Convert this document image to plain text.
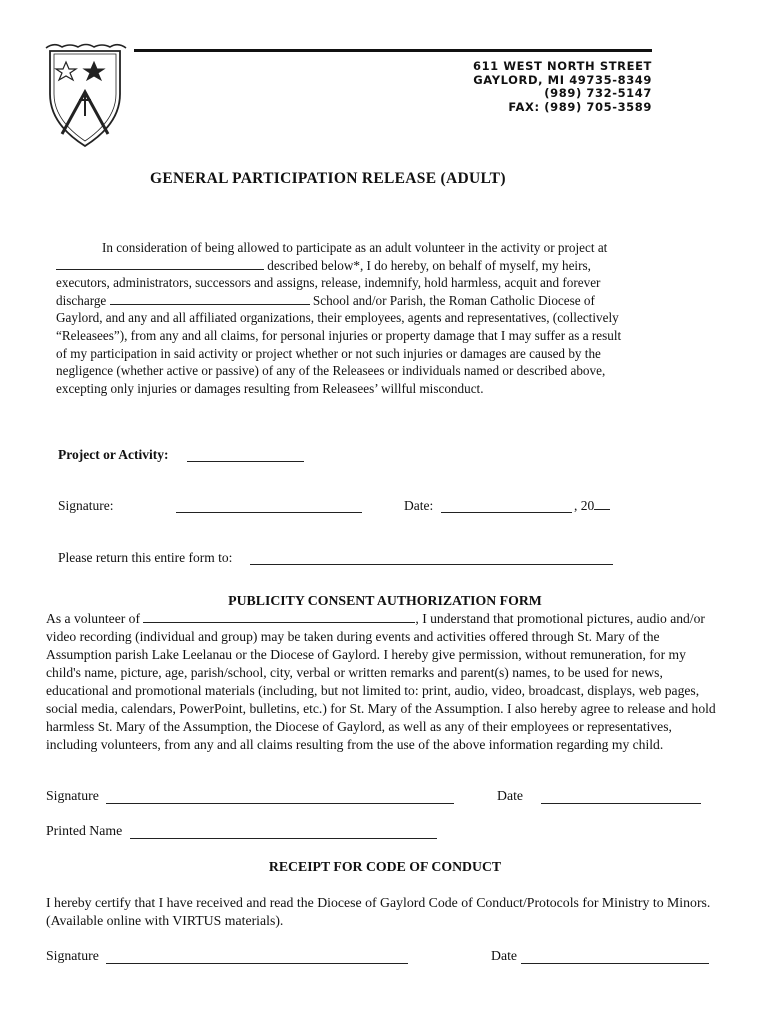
611 WEST NORTH STREET
GAYLORD, MI 49735-8349
(989) 732-5147
FAX: (989) 705-3589
GENERAL PARTICIPATION RELEASE (ADULT)

In consideration of being allowed to participate as an adult volunteer in the activity or project at  described below*, I do hereby, on behalf of myself, my heirs, executors, administrators, successors and assigns, release, indemnify, hold harmless, acquit and forever discharge	School and/or Parish, the Roman Catholic Diocese of Gaylord, and any and all affiliated organizations, their employees, agents and representatives, (collectively “Releasees”), from any and all claims, for personal injuries or property damage that I may suffer as a result of my participation in said activity or project whether or not such injuries or damages are caused by the negligence (whether active or passive) of any of the Releasees or individuals named or described above, excepting only injuries or damages resulting from Releasees’ willful misconduct.

Project or Activity:
Signature:	Date:	, 20
Please return this entire form to:
PUBLICITY CONSENT AUTHORIZATION FORM

As a volunteer of	, I understand that promotional pictures, audio and/or video recording (individual and group) may be taken during events and activities offered through St. Mary of the Assumption parish Lake Leelanau or the Diocese of Gaylord. I hereby give permission, without remuneration, for my child's name, picture, age, parish/school, city, verbal or written remarks and parent(s) names, to be used for news, educational and promotional materials (including, but not limited to: print, audio, video, broadcast, displays, web pages, social media, calendars, PowerPoint, bulletins, etc.) for St. Mary of the Assumption. I also hereby agree to release and hold harmless St. Mary of the Assumption, the Diocese of Gaylord, as well as any of their employees or representatives, including volunteers, from any and all claims resulting from the use of the above information regarding my child.

Signature	Date
Printed Name
RECEIPT FOR CODE OF CONDUCT

I hereby certify that I have received and read the Diocese of Gaylord Code of Conduct/Protocols for Ministry to Minors. (Available online with VIRTUS materials).

Signature	Date
